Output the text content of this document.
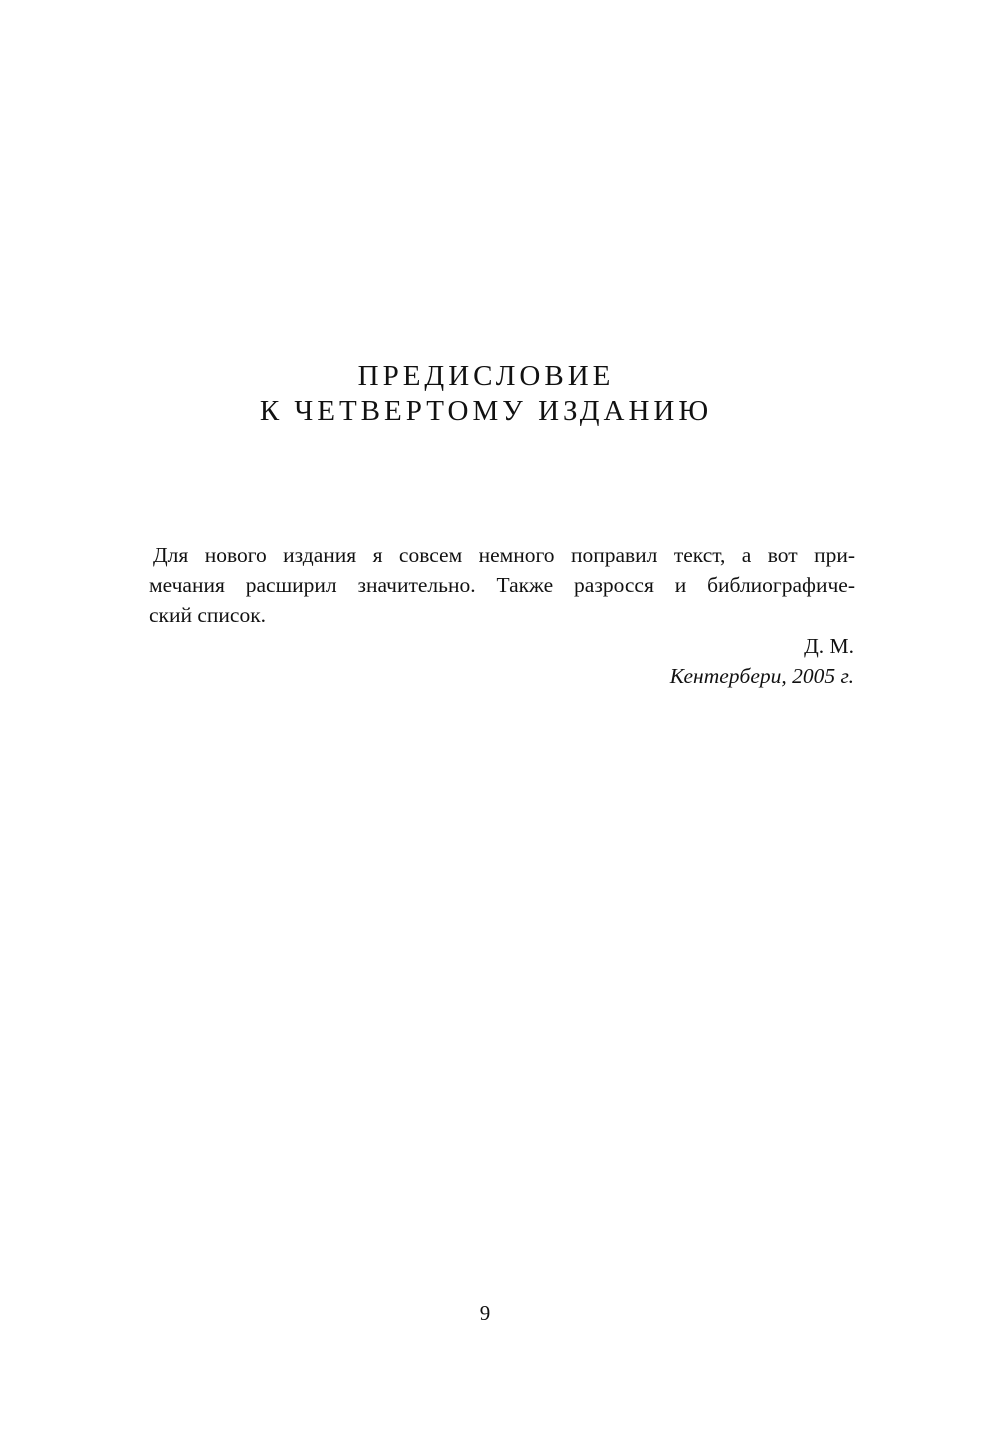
ПРЕДИСЛОВИЕ
К ЧЕТВЕРТОМУ ИЗДАНИЮ
Для нового издания я совсем немного поправил текст, а вот при-
мечания расширил значительно. Также разросся и библиографиче-
ский список.
Д. М.
Кентербери, 2005 г.
9
